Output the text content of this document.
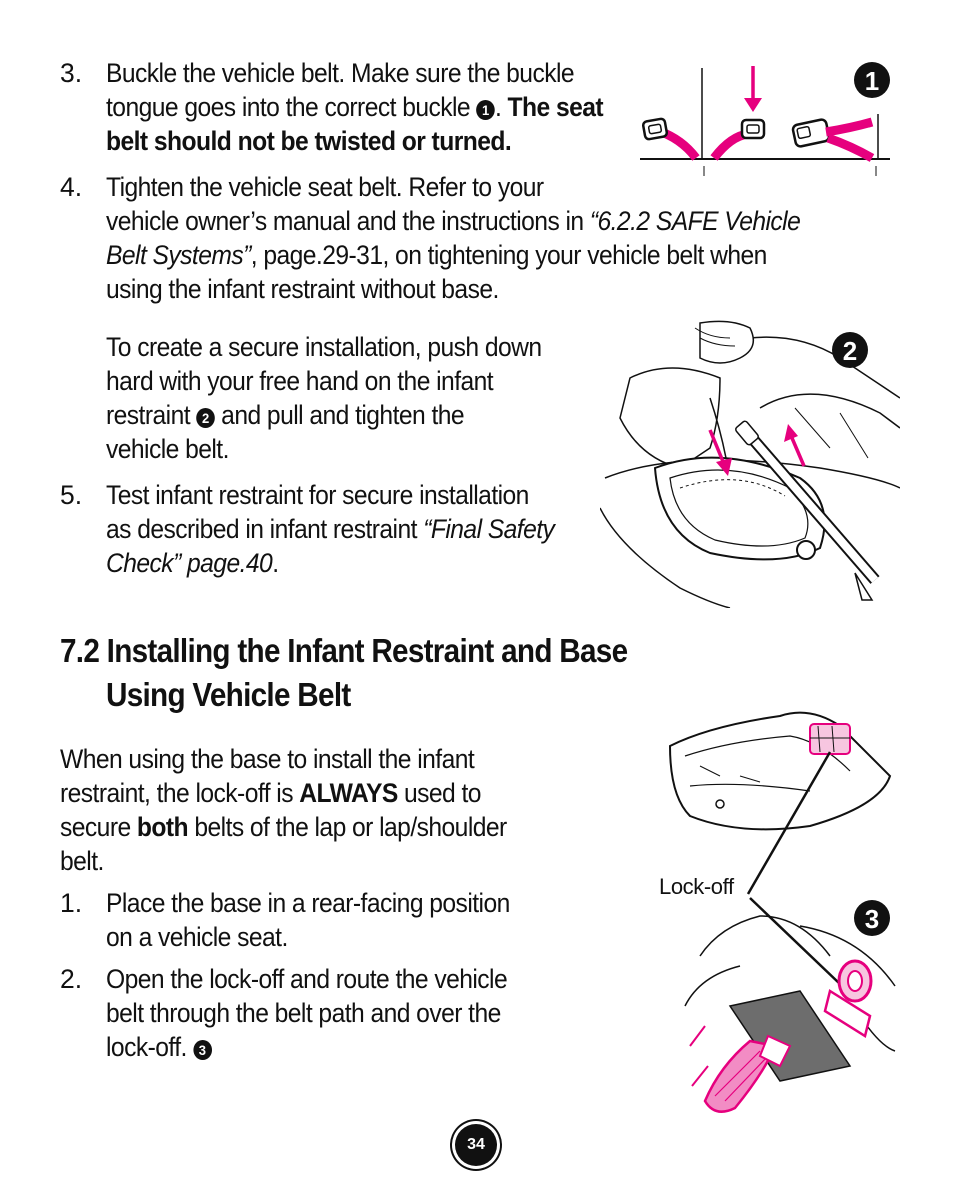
3. Buckle the vehicle belt. Make sure the buckle
tongue goes into the correct buckle 1 . The seat
belt should not be twisted or turned.
4. Tighten the vehicle seat belt. Refer to your
vehicle owner’s manual and the instructions in “6.2.2 SAFE Vehicle
Belt Systems”, page.29-31, on tightening your vehicle belt when
using the infant restraint without base.
To create a secure installation, push down
hard with your free hand on the infant
restraint 2 and pull and tighten the
vehicle belt.
5. Test infant restraint for secure installation
as described in infant restraint “Final Safety
Check” page.40.
7.2 Installing the Infant Restraint and Base
Using Vehicle Belt
When using the base to install the infant
restraint, the lock-off is ALWAYS used to
secure both belts of the lap or lap/shoulder
belt.
1. Place the base in a rear-facing position
on a vehicle seat.
2. Open the lock-off and route the vehicle
belt through the belt path and over the
lock-off. 3
1
2
Lock-off
3
34
